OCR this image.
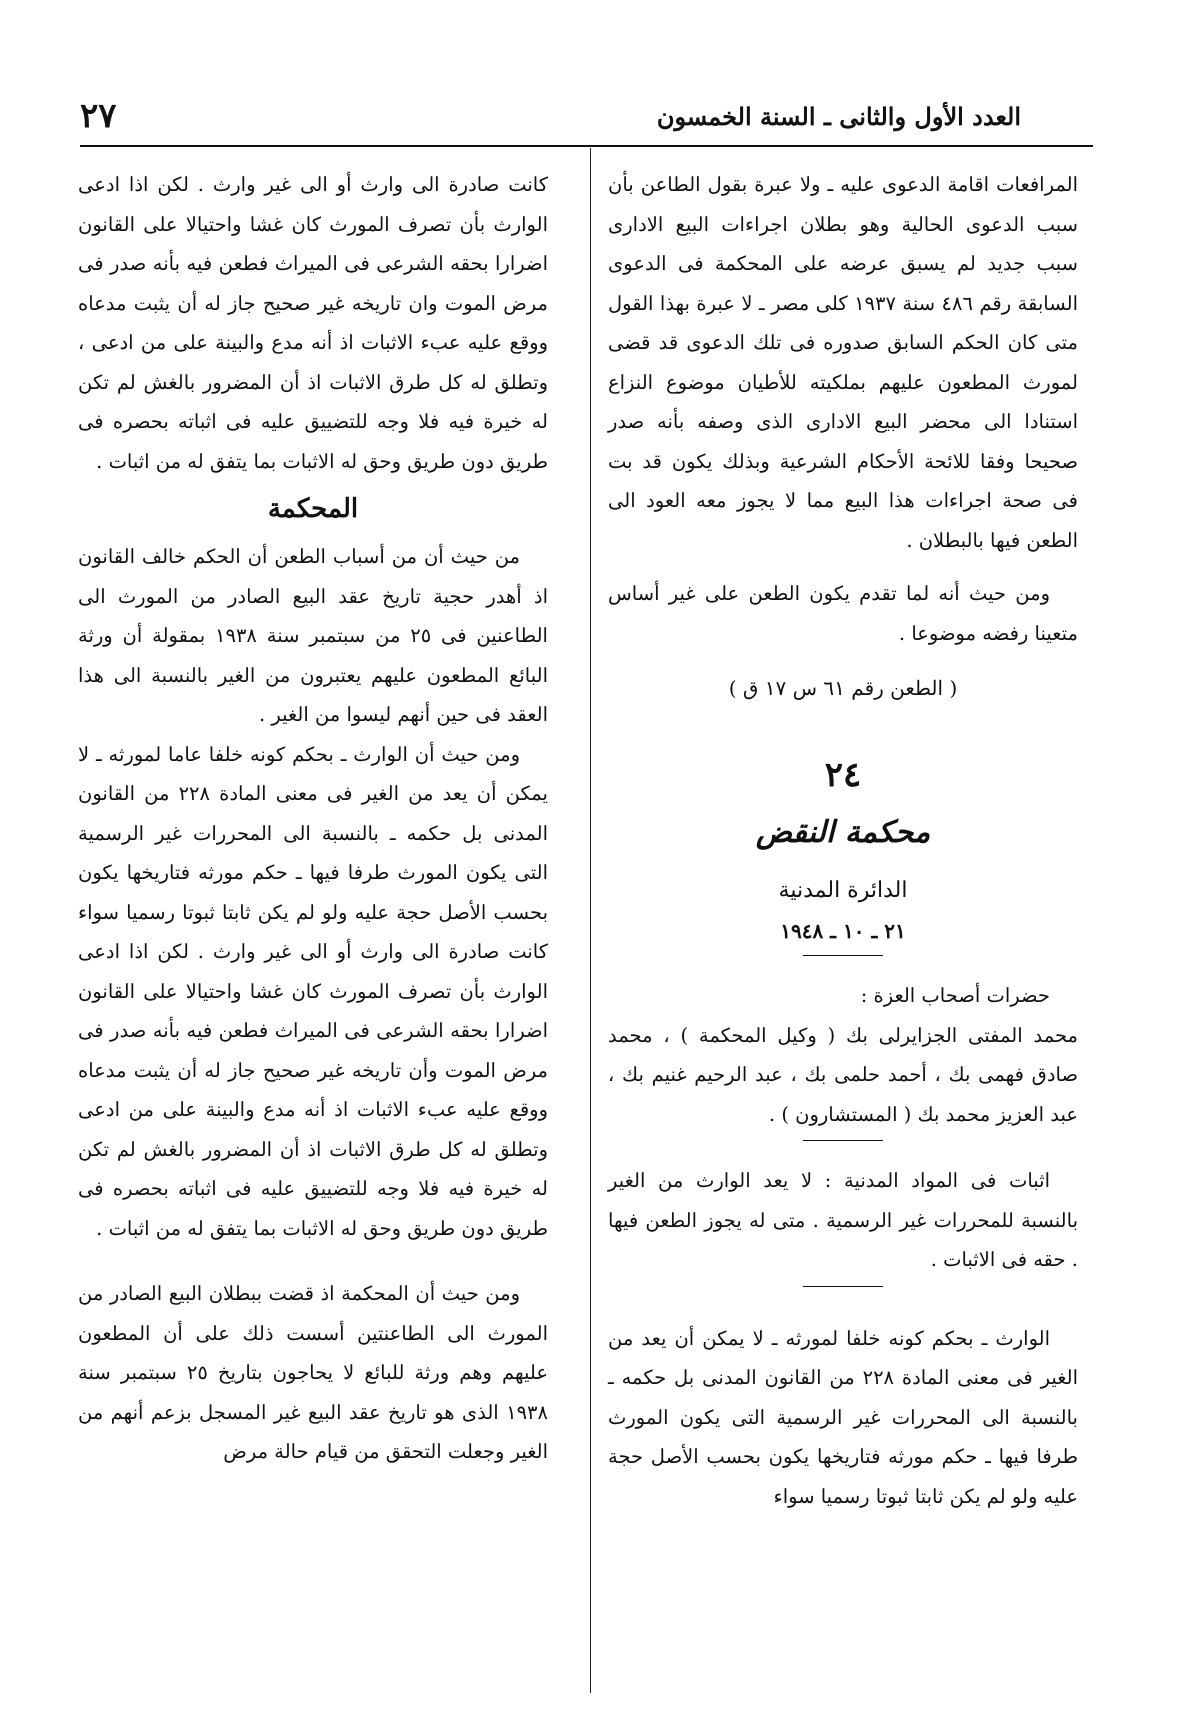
٢٧	العدد الأول والثانى ـ السنة الخمسون

المرافعات اقامة الدعوى عليه ـ ولا عبرة بقول الطاعن بأن سبب الدعوى الحالية وهو بطلان اجراءات البيع الادارى سبب جديد لم يسبق عرضه على المحكمة فى الدعوى السابقة رقم ٤٨٦ سنة ١٩٣٧ كلى مصر ـ لا عبرة بهذا القول متى كان الحكم السابق صدوره فى تلك الدعوى قد قضى لمورث المطعون عليهم بملكيته للأطيان موضوع النزاع استنادا الى محضر البيع الادارى الذى وصفه بأنه صدر صحيحا وفقا للائحة الأحكام الشرعية وبذلك يكون قد بت فى صحة اجراءات هذا البيع مما لا يجوز معه العود الى الطعن فيها بالبطلان .

ومن حيث أنه لما تقدم يكون الطعن على غير أساس متعينا رفضه موضوعا .

( الطعن رقم ٦١ س ١٧ ق )

٢٤
محكمة النقض
الدائرة المدنية
٢١ ـ ١٠ ـ ١٩٤٨

حضرات أصحاب العزة :

محمد المفتى الجزايرلى بك ( وكيل المحكمة ) ، محمد صادق فهمى بك ، أحمد حلمى بك ، عبد الرحيم غنيم بك ، عبد العزيز محمد بك ( المستشارون ) .

اثبات فى المواد المدنية : لا يعد الوارث من الغير بالنسبة للمحررات غير الرسمية . متى له يجوز الطعن فيها . حقه فى الاثبات .

الوارث ـ بحكم كونه خلفا لمورثه ـ لا يمكن أن يعد من الغير فى معنى المادة ٢٢٨ من القانون المدنى بل حكمه ـ بالنسبة الى المحررات غير الرسمية التى يكون المورث طرفا فيها ـ حكم مورثه فتاريخها يكون بحسب الأصل حجة عليه ولو لم يكن ثابتا ثبوتا رسميا سواء

كانت صادرة الى وارث أو الى غير وارث . لكن اذا ادعى الوارث بأن تصرف المورث كان غشا واحتيالا على القانون اضرارا بحقه الشرعى فى الميراث فطعن فيه بأنه صدر فى مرض الموت وان تاريخه غير صحيح جاز له أن يثبت مدعاه ووقع عليه عبء الاثبات اذ أنه مدع والبينة على من ادعى ، وتطلق له كل طرق الاثبات اذ أن المضرور بالغش لم تكن له خيرة فيه فلا وجه للتضييق عليه فى اثباته بحصره فى طريق دون طريق وحق له الاثبات بما يتفق له من اثبات .

المحكمة

من حيث أن من أسباب الطعن أن الحكم خالف القانون اذ أهدر حجية تاريخ عقد البيع الصادر من المورث الى الطاعنين فى ٢٥ من سبتمبر سنة ١٩٣٨ بمقولة أن ورثة البائع المطعون عليهم يعتبرون من الغير بالنسبة الى هذا العقد فى حين أنهم ليسوا من الغير .

ومن حيث أن الوارث ـ بحكم كونه خلفا عاما لمورثه ـ لا يمكن أن يعد من الغير فى معنى المادة ٢٢٨ من القانون المدنى بل حكمه ـ بالنسبة الى المحررات غير الرسمية التى يكون المورث طرفا فيها ـ حكم مورثه فتاريخها يكون بحسب الأصل حجة عليه ولو لم يكن ثابتا ثبوتا رسميا سواء كانت صادرة الى وارث أو الى غير وارث . لكن اذا ادعى الوارث بأن تصرف المورث كان غشا واحتيالا على القانون اضرارا بحقه الشرعى فى الميراث فطعن فيه بأنه صدر فى مرض الموت وأن تاريخه غير صحيح جاز له أن يثبت مدعاه ووقع عليه عبء الاثبات اذ أنه مدع والبينة على من ادعى وتطلق له كل طرق الاثبات اذ أن المضرور بالغش لم تكن له خيرة فيه فلا وجه للتضييق عليه فى اثباته بحصره فى طريق دون طريق وحق له الاثبات بما يتفق له من اثبات .

ومن حيث أن المحكمة اذ قضت ببطلان البيع الصادر من المورث الى الطاعنتين أسست ذلك على أن المطعون عليهم وهم ورثة للبائع لا يحاجون بتاريخ ٢٥ سبتمبر سنة ١٩٣٨ الذى هو تاريخ عقد البيع غير المسجل بزعم أنهم من الغير وجعلت التحقق من قيام حالة مرض
